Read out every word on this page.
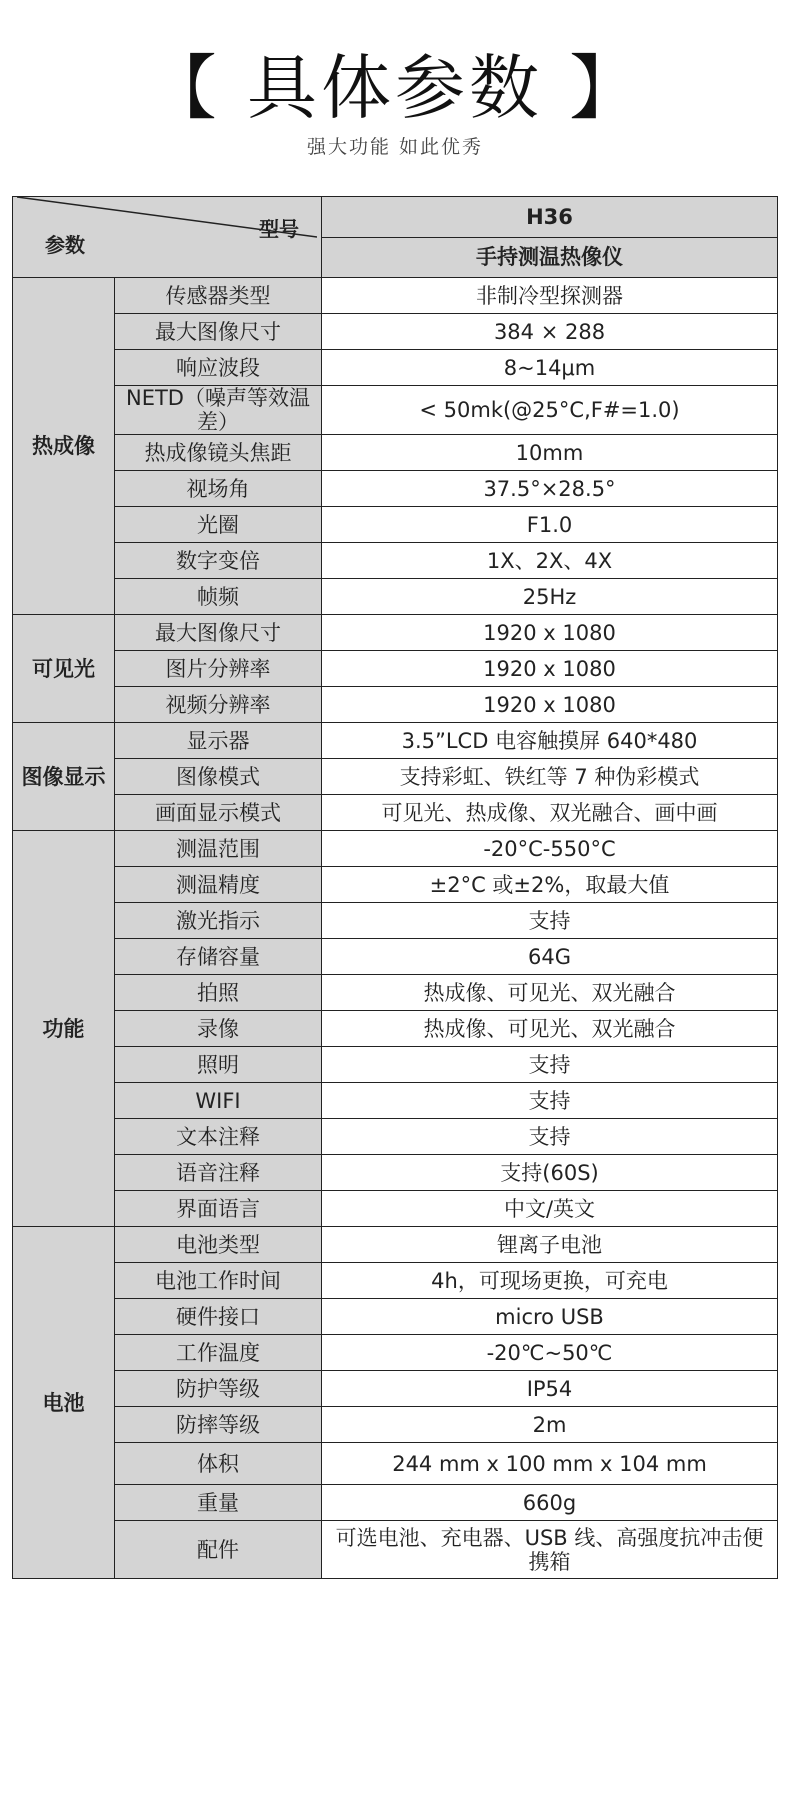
【 具体参数 】
强大功能 如此优秀
型号
参数		H36
		手持测温热像仪
热成像	传感器类型	非制冷型探测器
	最大图像尺寸	384 × 288
	响应波段	8~14μm
	NETD（噪声等效温差）	< 50mk(@25°C,F#=1.0)
	热成像镜头焦距	10mm
	视场角	37.5°×28.5°
	光圈	F1.0
	数字变倍	1X、2X、4X
	帧频	25Hz
可见光	最大图像尺寸	1920 x 1080
	图片分辨率	1920 x 1080
	视频分辨率	1920 x 1080
图像显示	显示器	3.5”LCD 电容触摸屏 640*480
	图像模式	支持彩虹、铁红等 7 种伪彩模式
	画面显示模式	可见光、热成像、双光融合、画中画
功能	测温范围	-20°C-550°C
	测温精度	±2°C 或±2%，取最大值
	激光指示	支持
	存储容量	64G
	拍照	热成像、可见光、双光融合
	录像	热成像、可见光、双光融合
	照明	支持
	WIFI	支持
	文本注释	支持
	语音注释	支持(60S)
	界面语言	中文/英文
电池	电池类型	锂离子电池
	电池工作时间	4h，可现场更换，可充电
	硬件接口	micro USB
	工作温度	-20℃~50℃
	防护等级	IP54
	防摔等级	2m
	体积	244 mm x 100 mm x 104 mm
	重量	660g
	配件	可选电池、充电器、USB 线、高强度抗冲击便携箱
